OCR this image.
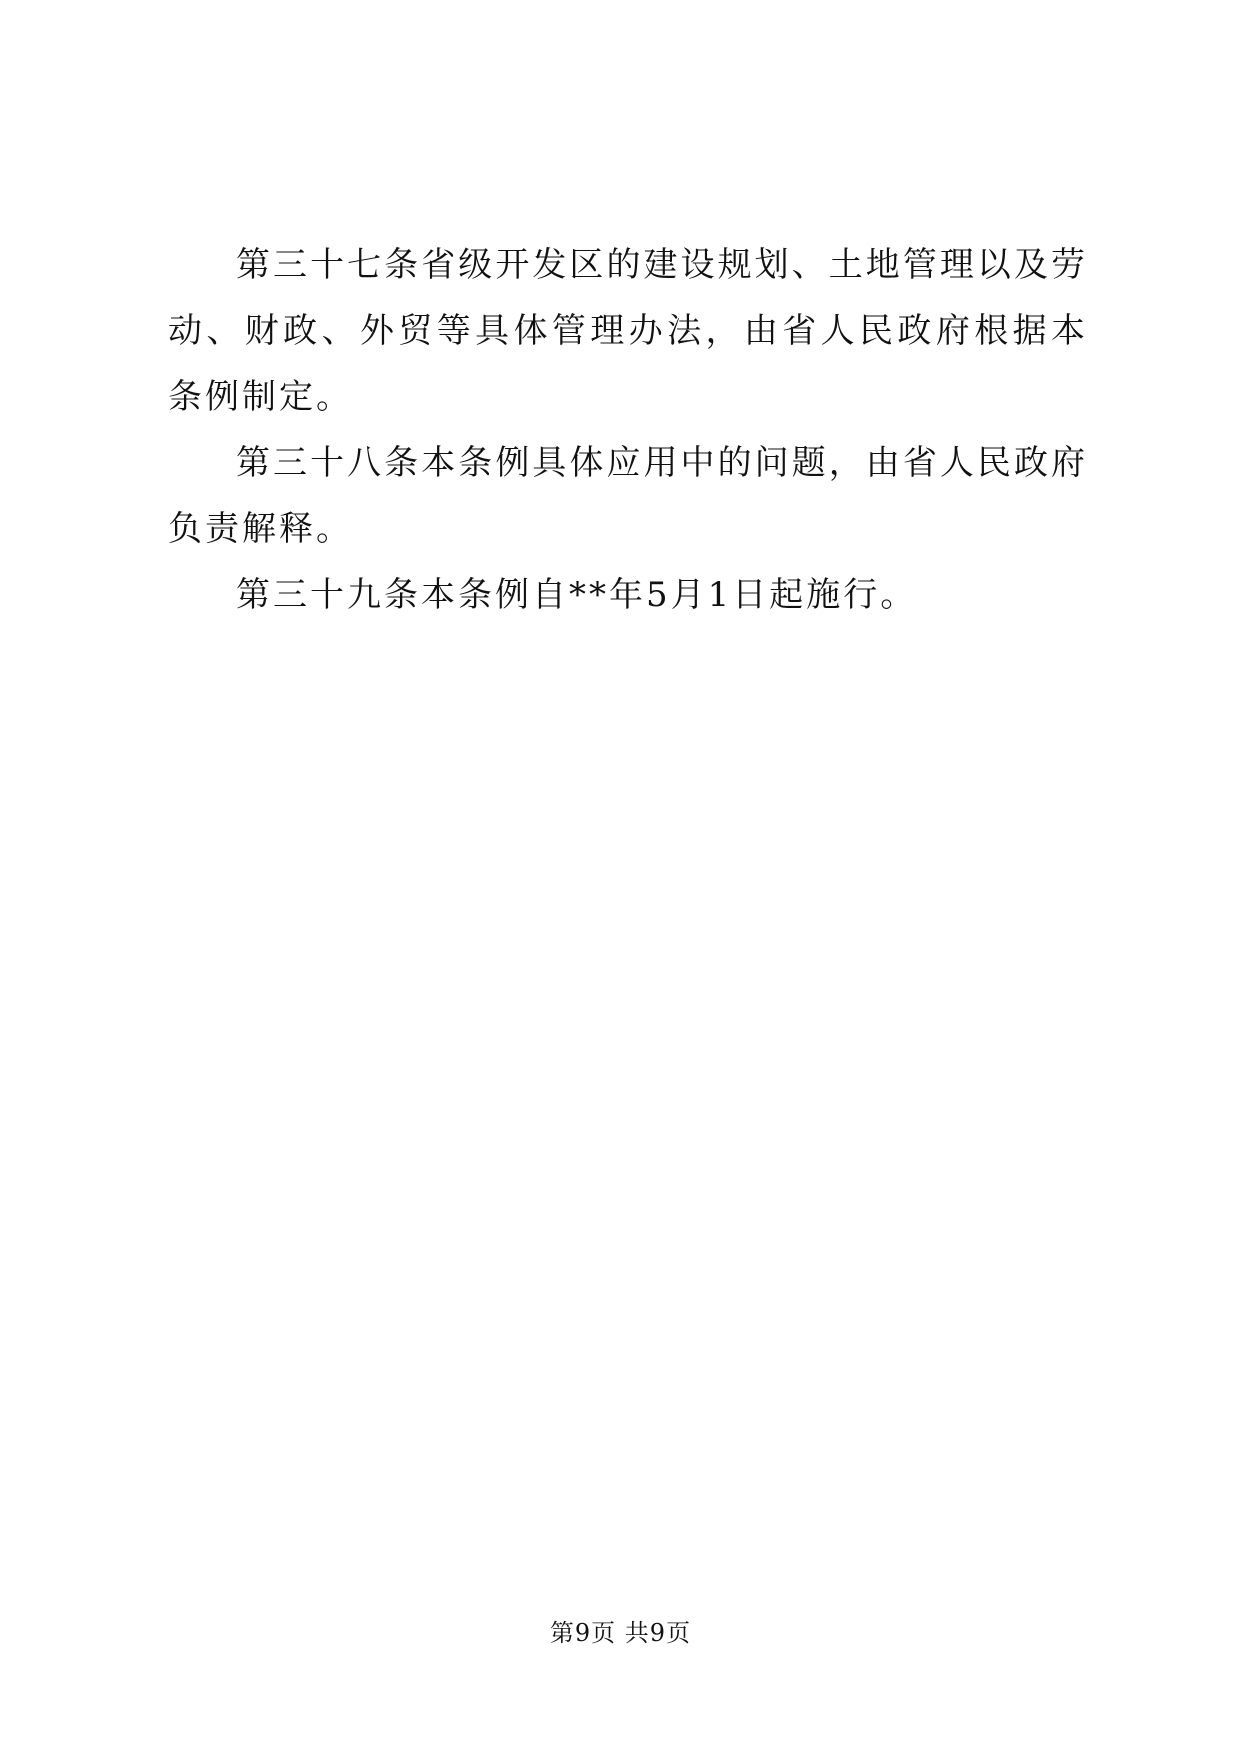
第三十七条省级开发区的建设规划、土地管理以及劳动、财政、外贸等具体管理办法，由省人民政府根据本条例制定。

第三十八条本条例具体应用中的问题，由省人民政府负责解释。

第三十九条本条例自**年5月1日起施行。

第9页 共9页
